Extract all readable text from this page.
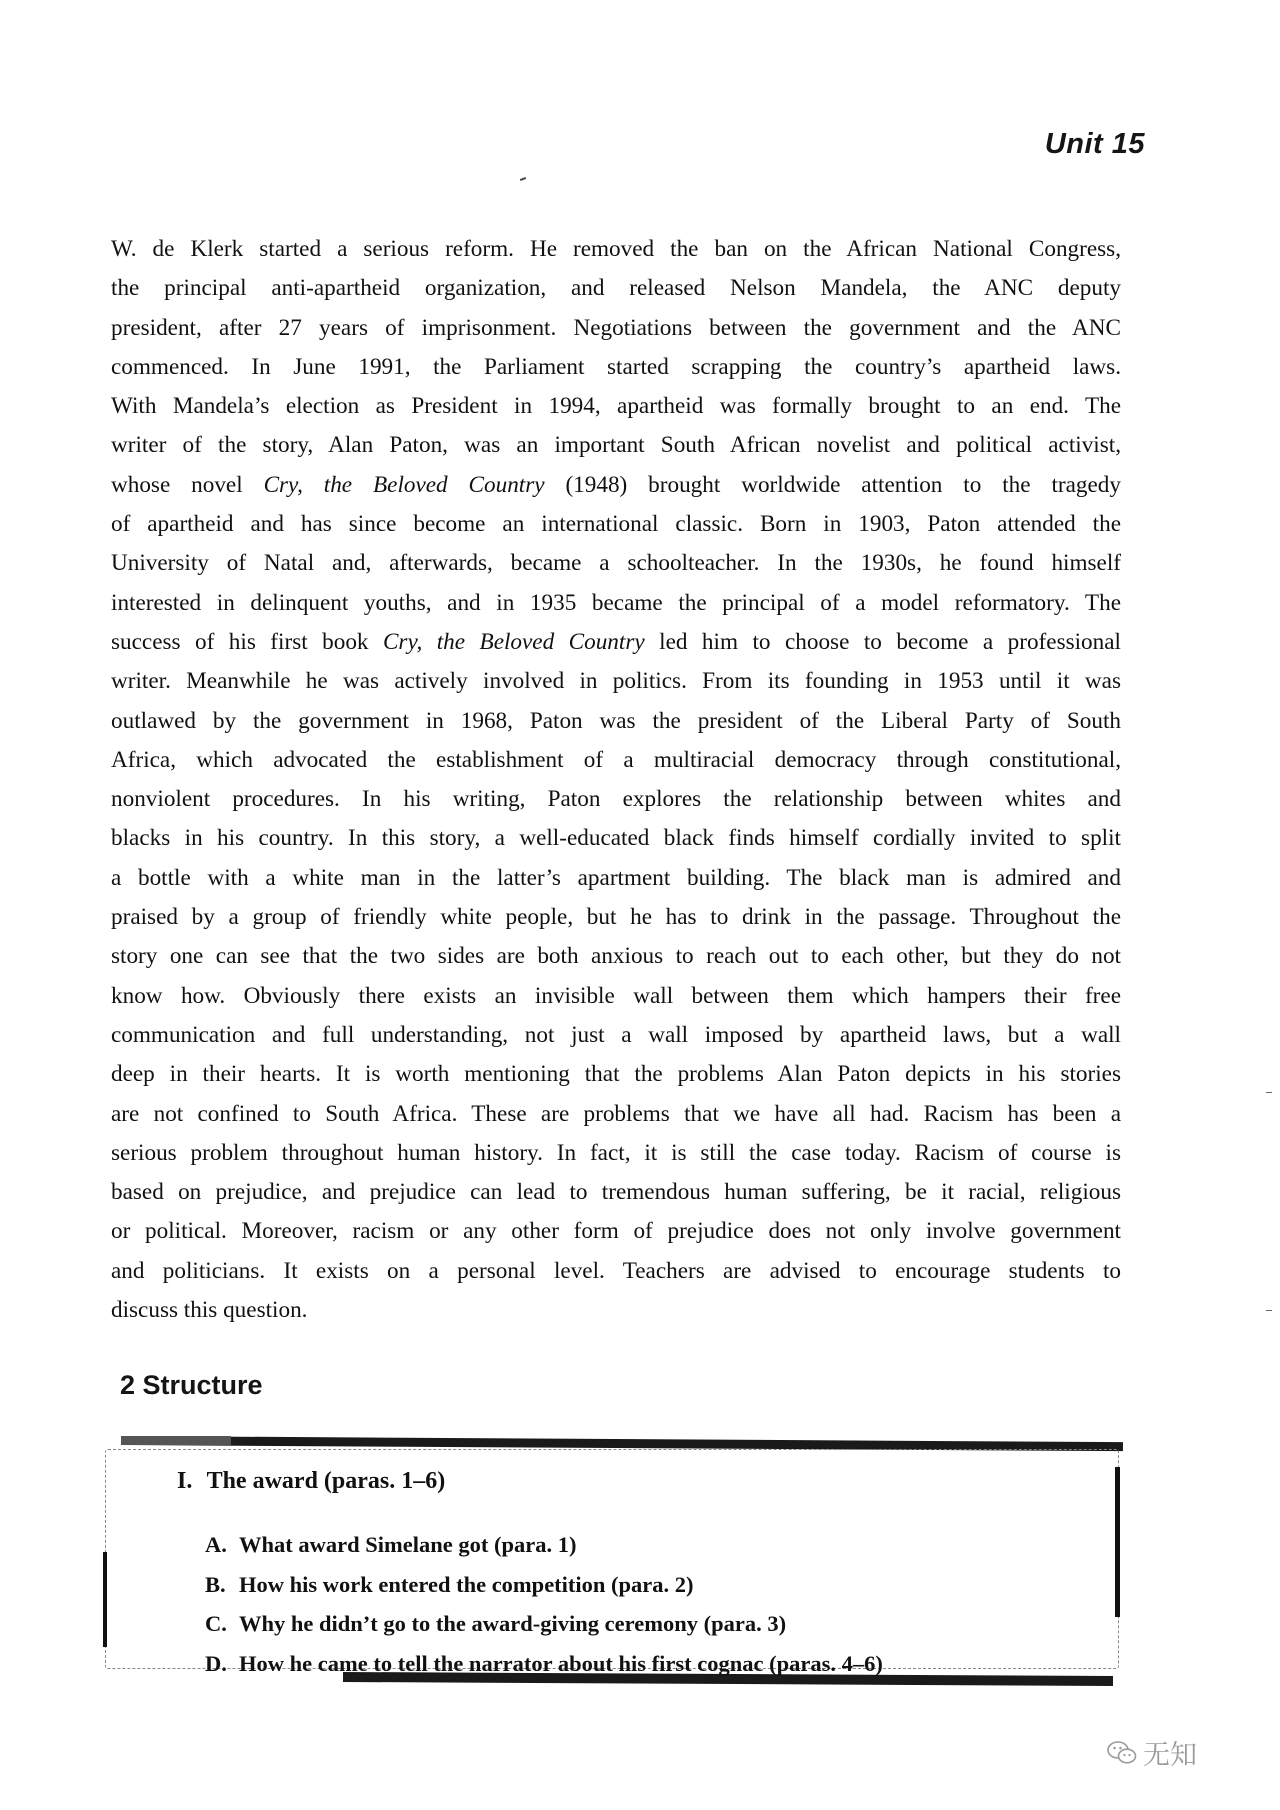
Unit 15
W. de Klerk started a serious reform. He removed the ban on the African National Congress,
the principal anti-apartheid organization, and released Nelson Mandela, the ANC deputy
president, after 27 years of imprisonment. Negotiations between the government and the ANC
commenced. In June 1991, the Parliament started scrapping the country’s apartheid laws.
With Mandela’s election as President in 1994, apartheid was formally brought to an end. The
writer of the story, Alan Paton, was an important South African novelist and political activist,
whose novel Cry, the Beloved Country (1948) brought worldwide attention to the tragedy
of apartheid and has since become an international classic. Born in 1903, Paton attended the
University of Natal and, afterwards, became a schoolteacher. In the 1930s, he found himself
interested in delinquent youths, and in 1935 became the principal of a model reformatory. The
success of his first book Cry, the Beloved Country led him to choose to become a professional
writer. Meanwhile he was actively involved in politics. From its founding in 1953 until it was
outlawed by the government in 1968, Paton was the president of the Liberal Party of South
Africa, which advocated the establishment of a multiracial democracy through constitutional,
nonviolent procedures. In his writing, Paton explores the relationship between whites and
blacks in his country. In this story, a well-educated black finds himself cordially invited to split
a bottle with a white man in the latter’s apartment building. The black man is admired and
praised by a group of friendly white people, but he has to drink in the passage. Throughout the
story one can see that the two sides are both anxious to reach out to each other, but they do not
know how. Obviously there exists an invisible wall between them which hampers their free
communication and full understanding, not just a wall imposed by apartheid laws, but a wall
deep in their hearts. It is worth mentioning that the problems Alan Paton depicts in his stories
are not confined to South Africa. These are problems that we have all had. Racism has been a
serious problem throughout human history. In fact, it is still the case today. Racism of course is
based on prejudice, and prejudice can lead to tremendous human suffering, be it racial, religious
or political. Moreover, racism or any other form of prejudice does not only involve government
and politicians. It exists on a personal level. Teachers are advised to encourage students to
discuss this question.
2 Structure
I. The award (paras. 1–6)
A. What award Simelane got (para. 1)
B. How his work entered the competition (para. 2)
C. Why he didn’t go to the award-giving ceremony (para. 3)
D. How he came to tell the narrator about his first cognac (paras. 4–6)
无知
